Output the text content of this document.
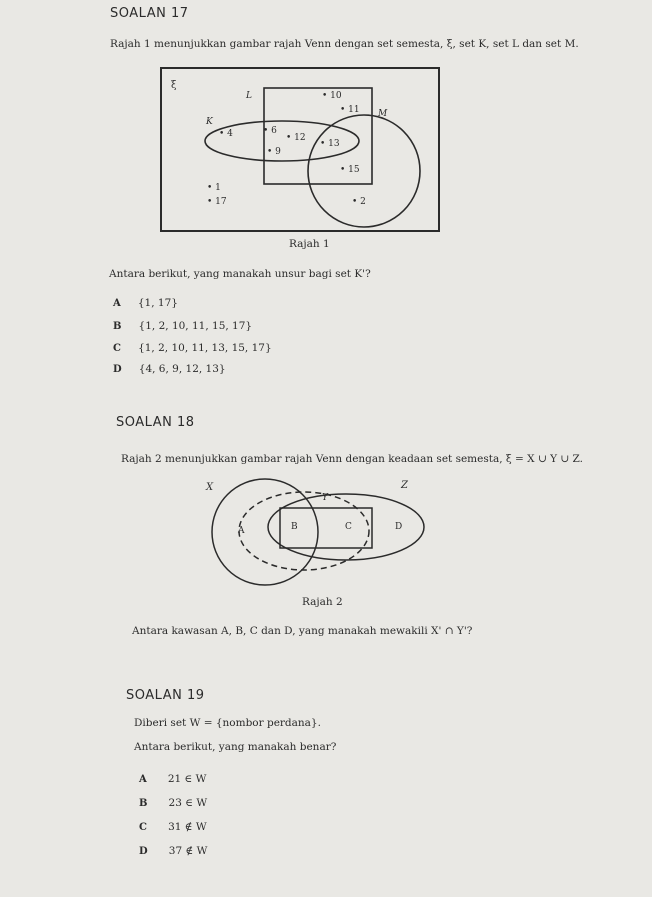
SOALAN 17
Rajah 1 menunjukkan gambar rajah Venn dengan set semesta, ξ, set K, set L dan set M.
ξ
L
K
M
• 10
• 11
• 6
• 4	• 12
• 13
• 9
• 15
• 1
• 17	• 2
Rajah 1
Antara berikut, yang manakah unsur bagi set K'?
A {1, 17}
B {1, 2, 10, 11, 15, 17}
C {1, 2, 10, 11, 13, 15, 17}
D {4, 6, 9, 12, 13}
SOALAN 18
Rajah 2 menunjukkan gambar rajah Venn dengan keadaan set semesta, ξ = X ∪ Y ∪ Z.
X
Y
Z
A	B	C	D
Rajah 2
Antara kawasan A, B, C dan D, yang manakah mewakili X' ∩ Y'?
SOALAN 19
Diberi set W = {nombor perdana}.
Antara berikut, yang manakah benar?
A 21 ∈ W
B 23 ∈ W
C 31 ∉ W
D 37 ∉ W
